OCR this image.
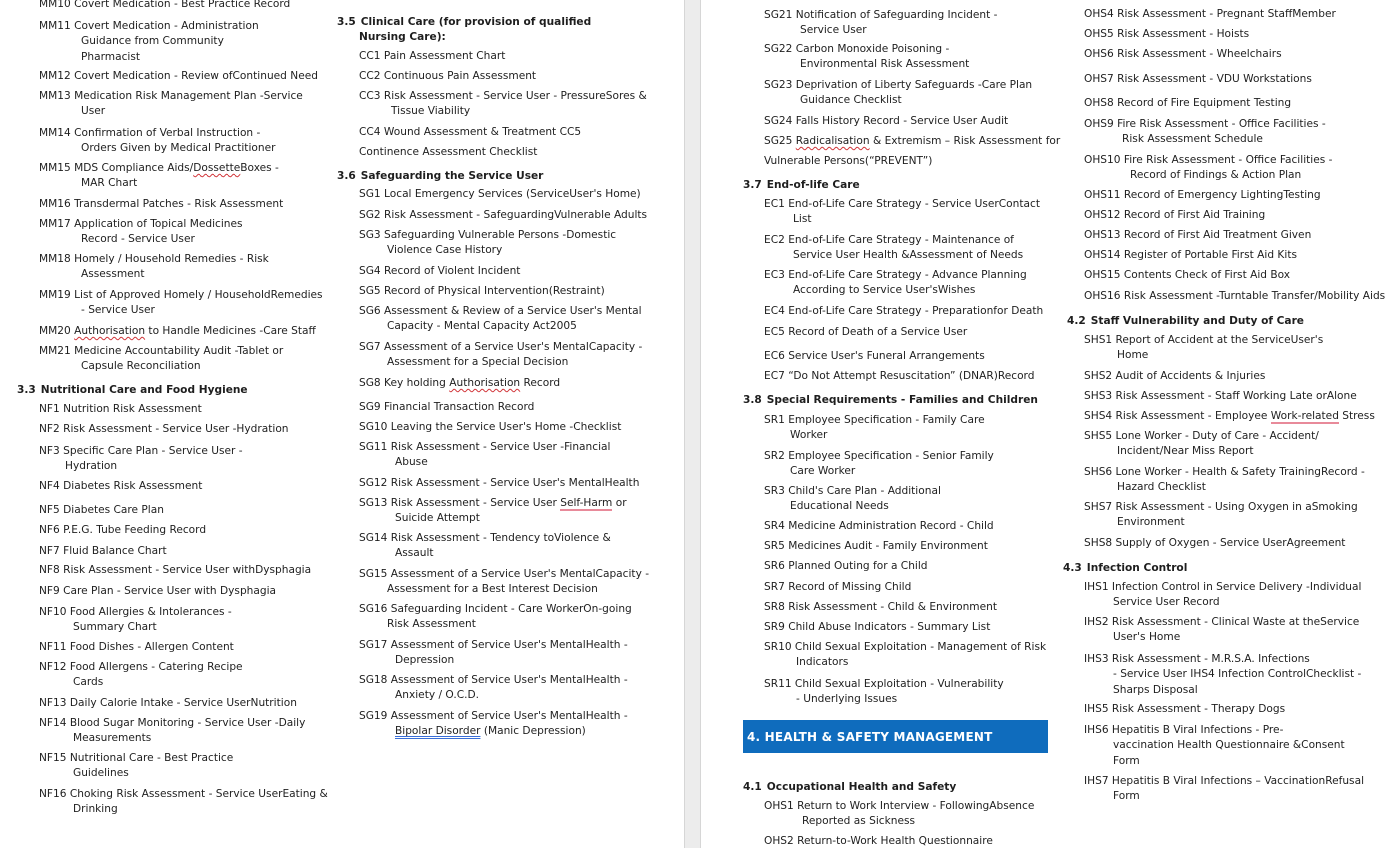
MM10 Covert Medication - Best Practice Record
MM11 Covert Medication - Administration
Guidance from Community
Pharmacist
MM12 Covert Medication - Review ofContinued Need
MM13 Medication Risk Management Plan -Service
User
MM14 Confirmation of Verbal Instruction -
Orders Given by Medical Practitioner
MM15 MDS Compliance Aids/DossetteBoxes -
MAR Chart
MM16 Transdermal Patches - Risk Assessment
MM17 Application of Topical Medicines
Record - Service User
MM18 Homely / Household Remedies - Risk
Assessment
MM19 List of Approved Homely / HouseholdRemedies
- Service User
MM20 Authorisation to Handle Medicines -Care Staff
MM21 Medicine Accountability Audit -Tablet or
Capsule Reconciliation
3.3 Nutritional Care and Food Hygiene
NF1 Nutrition Risk Assessment
NF2 Risk Assessment - Service User -Hydration
NF3 Specific Care Plan - Service User -
Hydration
NF4 Diabetes Risk Assessment
NF5 Diabetes Care Plan
NF6 P.E.G. Tube Feeding Record
NF7 Fluid Balance Chart
NF8 Risk Assessment - Service User withDysphagia
NF9 Care Plan - Service User with Dysphagia
NF10 Food Allergies & Intolerances -
Summary Chart
NF11 Food Dishes - Allergen Content
NF12 Food Allergens - Catering Recipe
Cards
NF13 Daily Calorie Intake - Service UserNutrition
NF14 Blood Sugar Monitoring - Service User -Daily
Measurements
NF15 Nutritional Care - Best Practice
Guidelines
NF16 Choking Risk Assessment - Service UserEating &
Drinking
3.5 Clinical Care (for provision of qualified
Nursing Care):
CC1 Pain Assessment Chart
CC2 Continuous Pain Assessment
CC3 Risk Assessment - Service User - PressureSores &
Tissue Viability
CC4 Wound Assessment & Treatment CC5
Continence Assessment Checklist
3.6 Safeguarding the Service User
SG1 Local Emergency Services (ServiceUser's Home)
SG2 Risk Assessment - SafeguardingVulnerable Adults
SG3 Safeguarding Vulnerable Persons -Domestic
Violence Case History
SG4 Record of Violent Incident
SG5 Record of Physical Intervention(Restraint)
SG6 Assessment & Review of a Service User's Mental
Capacity - Mental Capacity Act2005
SG7 Assessment of a Service User's MentalCapacity -
Assessment for a Special Decision
SG8 Key holding Authorisation Record
SG9 Financial Transaction Record
SG10 Leaving the Service User's Home -Checklist
SG11 Risk Assessment - Service User -Financial
Abuse
SG12 Risk Assessment - Service User's MentalHealth
SG13 Risk Assessment - Service User Self-Harm or
Suicide Attempt
SG14 Risk Assessment - Tendency toViolence &
Assault
SG15 Assessment of a Service User's MentalCapacity -
Assessment for a Best Interest Decision
SG16 Safeguarding Incident - Care WorkerOn-going
Risk Assessment
SG17 Assessment of Service User's MentalHealth -
Depression
SG18 Assessment of Service User's MentalHealth -
Anxiety / O.C.D.
SG19 Assessment of Service User's MentalHealth -
Bipolar Disorder (Manic Depression)
SG21 Notification of Safeguarding Incident -
Service User
SG22 Carbon Monoxide Poisoning -
Environmental Risk Assessment
SG23 Deprivation of Liberty Safeguards -Care Plan
Guidance Checklist
SG24 Falls History Record - Service User Audit
SG25 Radicalisation & Extremism – Risk Assessment for
Vulnerable Persons(“PREVENT”)
3.7 End-of-life Care
EC1 End-of-Life Care Strategy - Service UserContact
List
EC2 End-of-Life Care Strategy - Maintenance of
Service User Health &Assessment of Needs
EC3 End-of-Life Care Strategy - Advance Planning
According to Service User'sWishes
EC4 End-of-Life Care Strategy - Preparationfor Death
EC5 Record of Death of a Service User
EC6 Service User's Funeral Arrangements
EC7 “Do Not Attempt Resuscitation” (DNAR)Record
3.8 Special Requirements - Families and Children
SR1 Employee Specification - Family Care
Worker
SR2 Employee Specification - Senior Family
Care Worker
SR3 Child's Care Plan - Additional
Educational Needs
SR4 Medicine Administration Record - Child
SR5 Medicines Audit - Family Environment
SR6 Planned Outing for a Child
SR7 Record of Missing Child
SR8 Risk Assessment - Child & Environment
SR9 Child Abuse Indicators - Summary List
SR10 Child Sexual Exploitation - Management of Risk
Indicators
SR11 Child Sexual Exploitation - Vulnerability
- Underlying Issues
4. HEALTH & SAFETY MANAGEMENT
4.1 Occupational Health and Safety
OHS1 Return to Work Interview - FollowingAbsence
Reported as Sickness
OHS2 Return-to-Work Health Questionnaire
OHS4 Risk Assessment - Pregnant StaffMember
OHS5 Risk Assessment - Hoists
OHS6 Risk Assessment - Wheelchairs
OHS7 Risk Assessment - VDU Workstations
OHS8 Record of Fire Equipment Testing
OHS9 Fire Risk Assessment - Office Facilities -
Risk Assessment Schedule
OHS10 Fire Risk Assessment - Office Facilities -
Record of Findings & Action Plan
OHS11 Record of Emergency LightingTesting
OHS12 Record of First Aid Training
OHS13 Record of First Aid Treatment Given
OHS14 Register of Portable First Aid Kits
OHS15 Contents Check of First Aid Box
OHS16 Risk Assessment -Turntable Transfer/Mobility Aids
4.2 Staff Vulnerability and Duty of Care
SHS1 Report of Accident at the ServiceUser's
Home
SHS2 Audit of Accidents & Injuries
SHS3 Risk Assessment - Staff Working Late orAlone
SHS4 Risk Assessment - Employee Work-related Stress
SHS5 Lone Worker - Duty of Care - Accident/
Incident/Near Miss Report
SHS6 Lone Worker - Health & Safety TrainingRecord -
Hazard Checklist
SHS7 Risk Assessment - Using Oxygen in aSmoking
Environment
SHS8 Supply of Oxygen - Service UserAgreement
4.3 Infection Control
IHS1 Infection Control in Service Delivery -Individual
Service User Record
IHS2 Risk Assessment - Clinical Waste at theService
User's Home
IHS3 Risk Assessment - M.R.S.A. Infections
- Service User IHS4 Infection ControlChecklist -
Sharps Disposal
IHS5 Risk Assessment - Therapy Dogs
IHS6 Hepatitis B Viral Infections - Pre-
vaccination Health Questionnaire &Consent
Form
IHS7 Hepatitis B Viral Infections – VaccinationRefusal
Form
